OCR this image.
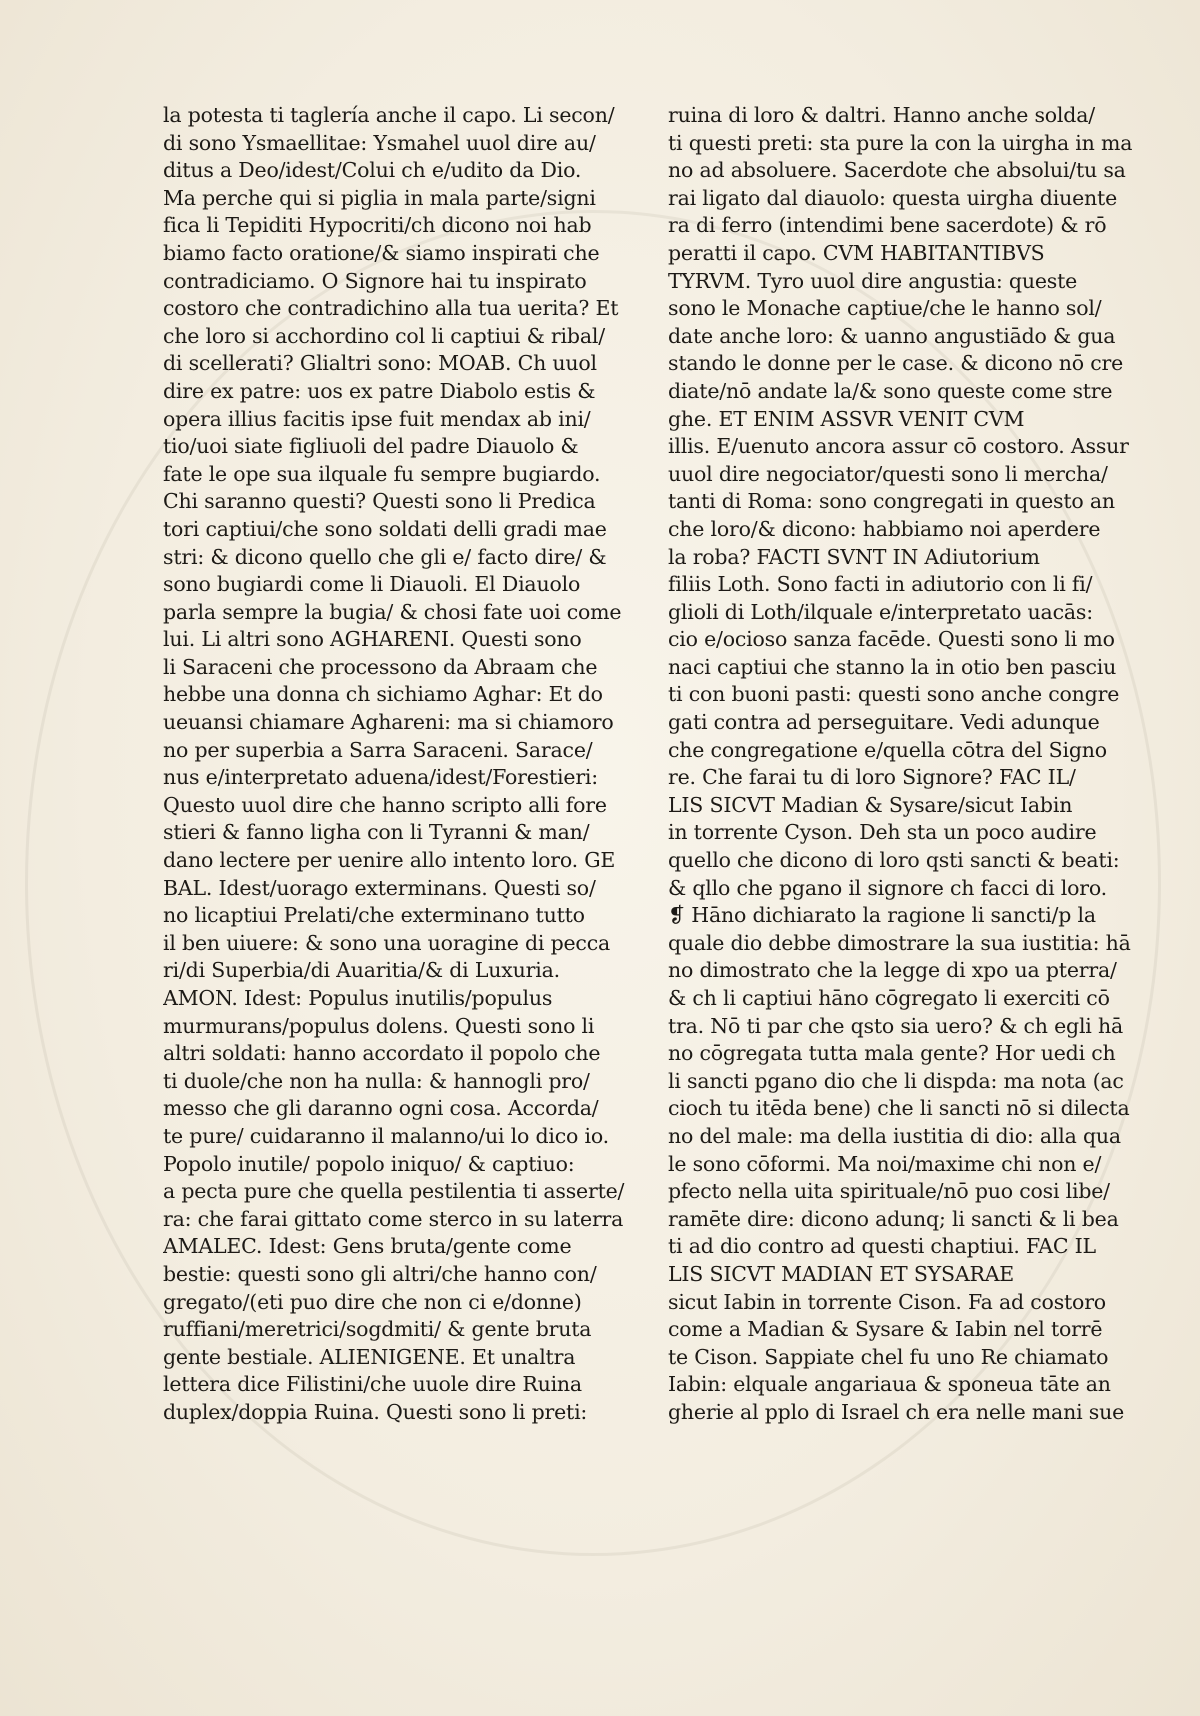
la potesta ti taglería anche il capo. Li secon/
di sono Ysmaellitae: Ysmahel uuol dire au/
ditus a Deo/idest/Colui ch e/udito da Dio.
Ma perche qui si piglia in mala parte/signi
fica li Tepiditi Hypocriti/ch dicono noi hab
biamo facto oratione/& siamo inspirati che
contradiciamo. O Signore hai tu inspirato
costoro che contradichino alla tua uerita? Et
che loro si acchordino col li captiui & ribal/
di scellerati? Glialtri sono: MOAB. Ch uuol
dire ex patre: uos ex patre Diabolo estis &
opera illius facitis ipse fuit mendax ab ini/
tio/uoi siate figliuoli del padre Diauolo &
fate le ope sua ilquale fu sempre bugiardo.
Chi saranno questi? Questi sono li Predica
tori captiui/che sono soldati delli gradi mae
stri: & dicono quello che gli e/ facto dire/ &
sono bugiardi come li Diauoli. El Diauolo
parla sempre la bugia/ & chosi fate uoi come
lui. Li altri sono AGHARENI. Questi sono
li Saraceni che processono da Abraam che
hebbe una donna ch sichiamo Aghar: Et do
ueuansi chiamare Aghareni: ma si chiamoro
no per superbia a Sarra Saraceni. Sarace/
nus e/interpretato aduena/idest/Forestieri:
Questo uuol dire che hanno scripto alli fore
stieri & fanno ligha con li Tyranni & man/
dano lectere per uenire allo intento loro. GE
BAL. Idest/uorago exterminans. Questi so/
no licaptiui Prelati/che exterminano tutto
il ben uiuere: & sono una uoragine di pecca
ri/di Superbia/di Auaritia/& di Luxuria.
AMON. Idest: Populus inutilis/populus
murmurans/populus dolens. Questi sono li
altri soldati: hanno accordato il popolo che
ti duole/che non ha nulla: & hannogli pro/
messo che gli daranno ogni cosa. Accorda/
te pure/ cuidaranno il malanno/ui lo dico io.
Popolo inutile/ popolo iniquo/ & captiuo:
a pecta pure che quella pestilentia ti asserte/
ra: che farai gittato come sterco in su laterra
AMALEC. Idest: Gens bruta/gente come
bestie: questi sono gli altri/che hanno con/
gregato/(eti puo dire che non ci e/donne)
ruffiani/meretrici/sogdmiti/ & gente bruta
gente bestiale. ALIENIGENE. Et unaltra
lettera dice Filistini/che uuole dire Ruina
duplex/doppia Ruina. Questi sono li preti:
ruina di loro & daltri. Hanno anche solda/
ti questi preti: sta pure la con la uirgha in ma
no ad absoluere. Sacerdote che absolui/tu sa
rai ligato dal diauolo: questa uirgha diuente
ra di ferro (intendimi bene sacerdote) & rō
peratti il capo. CVM HABITANTIBVS
TYRVM. Tyro uuol dire angustia: queste
sono le Monache captiue/che le hanno sol/
date anche loro: & uanno angustiādo & gua
stando le donne per le case. & dicono nō cre
diate/nō andate la/& sono queste come stre
ghe. ET ENIM ASSVR VENIT CVM
illis. E/uenuto ancora assur cō costoro. Assur
uuol dire negociator/questi sono li mercha/
tanti di Roma: sono congregati in questo an
che loro/& dicono: habbiamo noi aperdere
la roba? FACTI SVNT IN Adiutorium
filiis Loth. Sono facti in adiutorio con li fi/
glioli di Loth/ilquale e/interpretato uacās:
cio e/ocioso sanza facēde. Questi sono li mo
naci captiui che stanno la in otio ben pasciu
ti con buoni pasti: questi sono anche congre
gati contra ad perseguitare. Vedi adunque
che congregatione e/quella cōtra del Signo
re. Che farai tu di loro Signore? FAC IL/
LIS SICVT Madian & Sysare/sicut Iabin
in torrente Cyson. Deh sta un poco audire
quello che dicono di loro qsti sancti & beati:
& qllo che pgano il signore ch facci di loro.
❡ Hāno dichiarato la ragione li sancti/p la
quale dio debbe dimostrare la sua iustitia: hā
no dimostrato che la legge di xpo ua pterra/
& ch li captiui hāno cōgregato li exerciti cō
tra. Nō ti par che qsto sia uero? & ch egli hā
no cōgregata tutta mala gente? Hor uedi ch
li sancti pgano dio che li dispda: ma nota (ac
cioch tu itēda bene) che li sancti nō si dilecta
no del male: ma della iustitia di dio: alla qua
le sono cōformi. Ma noi/maxime chi non e/
pfecto nella uita spirituale/nō puo cosi libe/
ramēte dire: dicono adunq; li sancti & li bea
ti ad dio contro ad questi chaptiui. FAC IL
LIS SICVT MADIAN ET SYSARAE
sicut Iabin in torrente Cison. Fa ad costoro
come a Madian & Sysare & Iabin nel torrē
te Cison. Sappiate chel fu uno Re chiamato
Iabin: elquale angariaua & sponeua tāte an
gherie al pplo di Israel ch era nelle mani sue
